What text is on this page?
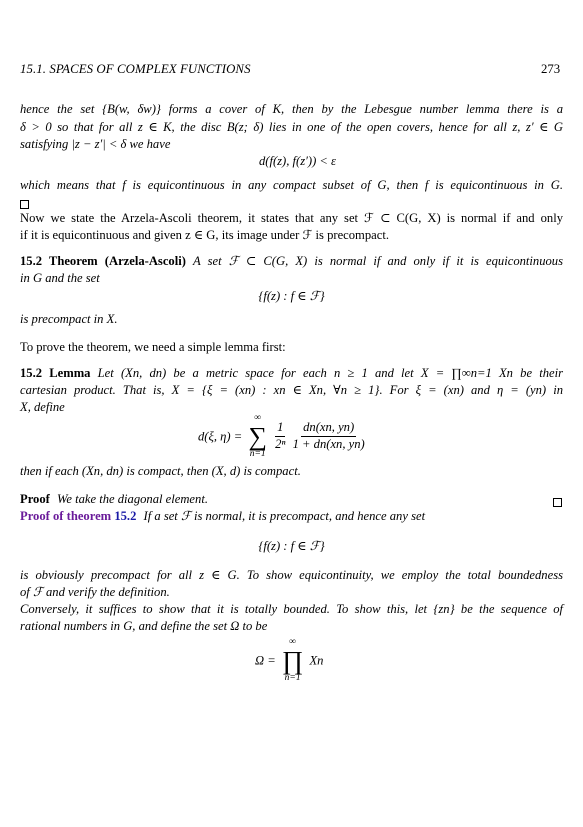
15.1. SPACES OF COMPLEX FUNCTIONS	273
hence the set {B(w, δw)} forms a cover of K, then by the Lebesgue number lemma there is a
δ > 0 so that for all z ∈ K, the disc B(z; δ) lies in one of the open covers, hence for all z, z′ ∈ G
satisfying |z − z′| < δ we have
d(f(z), f(z′)) < ε
which means that f is equicontinuous in any compact subset of G, then f is equicontinuous in G.
Now we state the Arzela-Ascoli theorem, it states that any set ℱ ⊂ C(G, X) is normal if and only
if it is equicontinuous and given z ∈ G, its image under ℱ is precompact.
15.2 Theorem (Arzela-Ascoli) A set ℱ ⊂ C(G, X) is normal if and only if it is equicontinuous
in G and the set
{f(z) : f ∈ ℱ}
is precompact in X.
To prove the theorem, we need a simple lemma first:
15.2 Lemma Let (Xn, dn) be a metric space for each n ≥ 1 and let X = ∏∞n=1 Xn be their
cartesian product. That is, X = {ξ = (xn) : xn ∈ Xn, ∀n ≥ 1}. For ξ = (xn) and η = (yn) in
X, define
d(ξ, η) =
∞
∑
n=1

$\frac{1}{\text{2ⁿ}}$
$\frac{dn(xn, yn)}{1 + dn(xn, yn)}$
then if each (Xn, dn) is compact, then (X, d) is compact.
Proof We take the diagonal element.
Proof of theorem 15.2 If a set ℱ is normal, it is precompact, and hence any set
{f(z) : f ∈ ℱ}
is obviously precompact for all z ∈ G. To show equicontinuity, we employ the total boundedness
of ℱ and verify the definition.
Conversely, it suffices to show that it is totally bounded. To show this, let {zn} be the sequence of
rational numbers in G, and define the set Ω to be
Ω =
∞
∏
n=1
Xn
